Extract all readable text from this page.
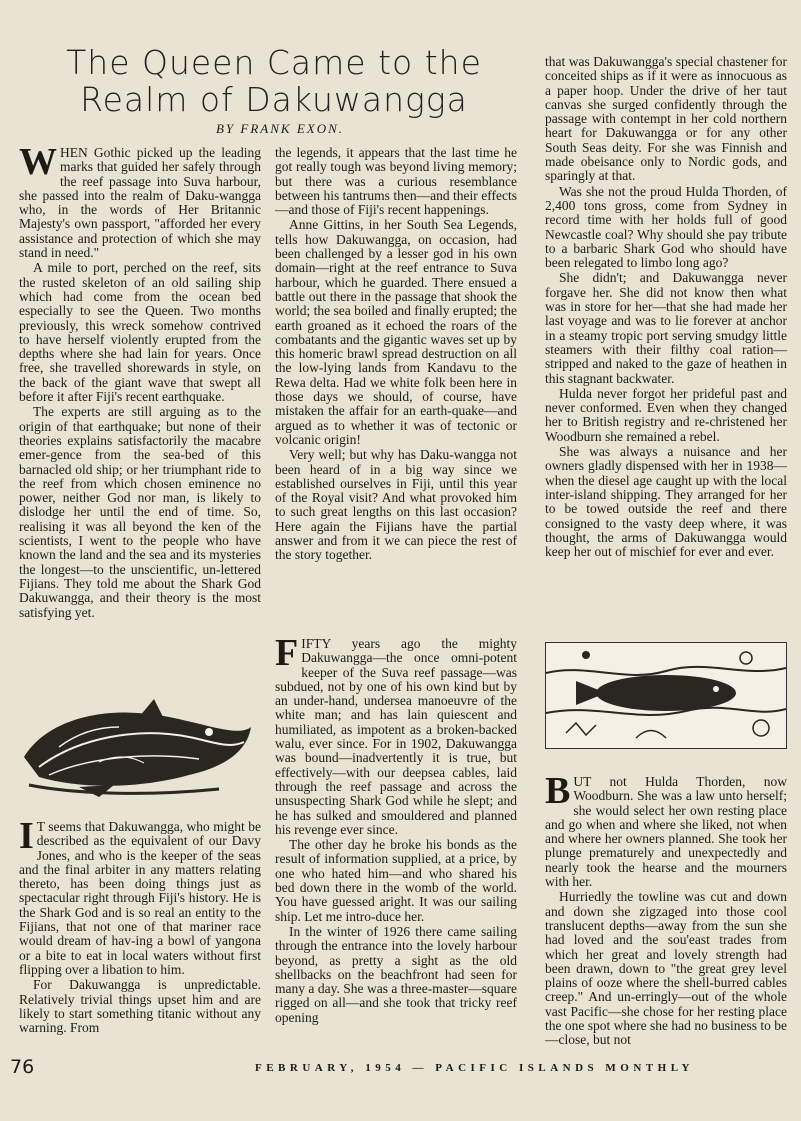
The Queen Came to the Realm of Dakuwangga
BY FRANK EXON.

WHEN Gothic picked up the leading marks that guided her safely through the reef passage into Suva harbour, she passed into the realm of Daku-wangga who, in the words of Her Britannic Majesty's own passport, "afforded her every assistance and protection of which she may stand in need."

A mile to port, perched on the reef, sits the rusted skeleton of an old sailing ship which had come from the ocean bed especially to see the Queen. Two months previously, this wreck somehow contrived to have herself violently erupted from the depths where she had lain for years. Once free, she travelled shorewards in style, on the back of the giant wave that swept all before it after Fiji's recent earthquake.

The experts are still arguing as to the origin of that earthquake; but none of their theories explains satisfactorily the macabre emer-gence from the sea-bed of this barnacled old ship; or her triumphant ride to the reef from which chosen eminence no power, neither God nor man, is likely to dislodge her until the end of time. So, realising it was all beyond the ken of the scientists, I went to the people who have known the land and the sea and its mysteries the longest—to the unscientific, un-lettered Fijians. They told me about the Shark God Dakuwangga, and their theory is the most satisfying yet.

I T seems that Dakuwangga, who might be described as the equivalent of our Davy Jones, and who is the keeper of the seas and the final arbiter in any matters relating thereto, has been doing things just as spectacular right through Fiji's history. He is the Shark God and is so real an entity to the Fijians, that not one of that mariner race would dream of hav-ing a bowl of yangona or a bite to eat in local waters without first flipping over a libation to him.

For Dakuwangga is unpredictable. Relatively trivial things upset him and are likely to start something titanic without any warning. From

the legends, it appears that the last time he got really tough was beyond living memory; but there was a curious resemblance between his tantrums then—and their effects—and those of Fiji's recent happenings.

Anne Gittins, in her South Sea Legends, tells how Dakuwangga, on occasion, had been challenged by a lesser god in his own domain—right at the reef entrance to Suva harbour, which he guarded. There ensued a battle out there in the passage that shook the world; the sea boiled and finally erupted; the earth groaned as it echoed the roars of the combatants and the gigantic waves set up by this homeric brawl spread destruction on all the low-lying lands from Kandavu to the Rewa delta. Had we white folk been here in those days we should, of course, have mistaken the affair for an earth-quake—and argued as to whether it was of tectonic or volcanic origin!

Very well; but why has Daku-wangga not been heard of in a big way since we established ourselves in Fiji, until this year of the Royal visit? And what provoked him to such great lengths on this last occasion? Here again the Fijians have the partial answer and from it we can piece the rest of the story together.

FIFTY years ago the mighty Dakuwangga—the once omni-potent keeper of the Suva reef passage—was subdued, not by one of his own kind but by an under-hand, undersea manoeuvre of the white man; and has lain quiescent and humiliated, as impotent as a broken-backed walu, ever since. For in 1902, Dakuwangga was bound—inadvertently it is true, but effectively—with our deepsea cables, laid through the reef passage and across the unsuspecting Shark God while he slept; and he has sulked and smouldered and planned his revenge ever since.

The other day he broke his bonds as the result of information supplied, at a price, by one who hated him—and who shared his bed down there in the womb of the world. You have guessed aright. It was our sailing ship. Let me intro-duce her.

In the winter of 1926 there came sailing through the entrance into the lovely harbour beyond, as pretty a sight as the old shellbacks on the beachfront had seen for many a day. She was a three-master—square rigged on all—and she took that tricky reef opening

that was Dakuwangga's special chastener for conceited ships as if it were as innocuous as a paper hoop. Under the drive of her taut canvas she surged confidently through the passage with contempt in her cold northern heart for Dakuwangga or for any other South Seas deity. For she was Finnish and made obeisance only to Nordic gods, and sparingly at that.

Was she not the proud Hulda Thorden, of 2,400 tons gross, come from Sydney in record time with her holds full of good Newcastle coal? Why should she pay tribute to a barbaric Shark God who should have been relegated to limbo long ago?

She didn't; and Dakuwangga never forgave her. She did not know then what was in store for her—that she had made her last voyage and was to lie forever at anchor in a steamy tropic port serving smudgy little steamers with their filthy coal ration—stripped and naked to the gaze of heathen in this stagnant backwater.

Hulda never forgot her prideful past and never conformed. Even when they changed her to British registry and re-christened her Woodburn she remained a rebel.

She was always a nuisance and her owners gladly dispensed with her in 1938—when the diesel age caught up with the local inter-island shipping. They arranged for her to be towed outside the reef and there consigned to the vasty deep where, it was thought, the arms of Dakuwangga would keep her out of mischief for ever and ever.

BUT not Hulda Thorden, now Woodburn. She was a law unto herself; she would select her own resting place and go when and where she liked, not when and where her owners planned. She took her plunge prematurely and unexpectedly and nearly took the hearse and the mourners with her.

Hurriedly the towline was cut and down and down she zigzaged into those cool translucent depths—away from the sun she had loved and the sou'east trades from which her great and lovely strength had been drawn, down to "the great grey level plains of ooze where the shell-burred cables creep." And un-erringly—out of the whole vast Pacific—she chose for her resting place the one spot where she had no business to be—close, but not

76	FEBRUARY, 1954 — PACIFIC ISLANDS MONTHLY
